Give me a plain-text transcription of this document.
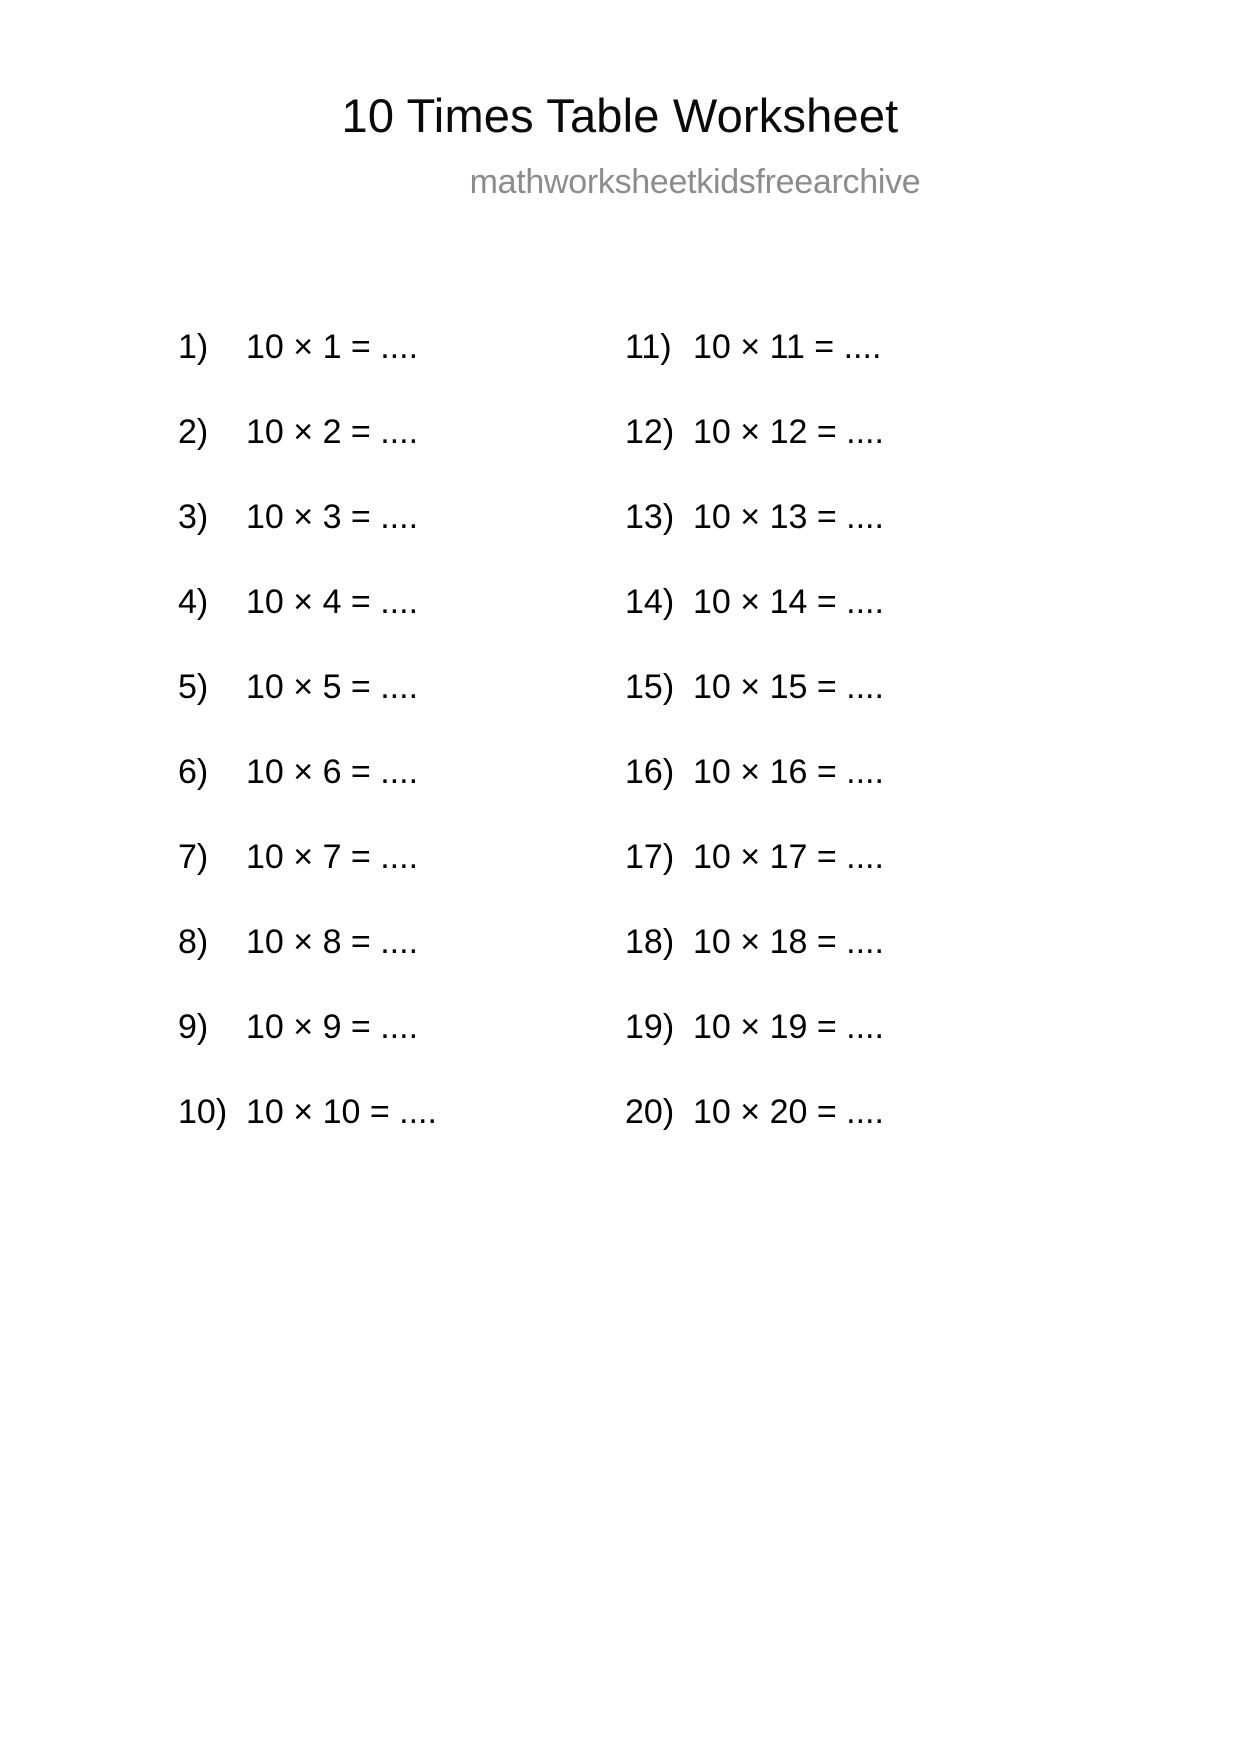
10 Times Table Worksheet
mathworksheetkidsfreearchive
1)	10 × 1 = ....
2)	10 × 2 = ....
3)	10 × 3 = ....
4)	10 × 4 = ....
5)	10 × 5 = ....
6)	10 × 6 = ....
7)	10 × 7 = ....
8)	10 × 8 = ....
9)	10 × 9 = ....
10) 10 × 10 = ....
11) 10 × 11 = ....
12) 10 × 12 = ....
13) 10 × 13 = ....
14) 10 × 14 = ....
15) 10 × 15 = ....
16) 10 × 16 = ....
17) 10 × 17 = ....
18) 10 × 18 = ....
19) 10 × 19 = ....
20) 10 × 20 = ....
